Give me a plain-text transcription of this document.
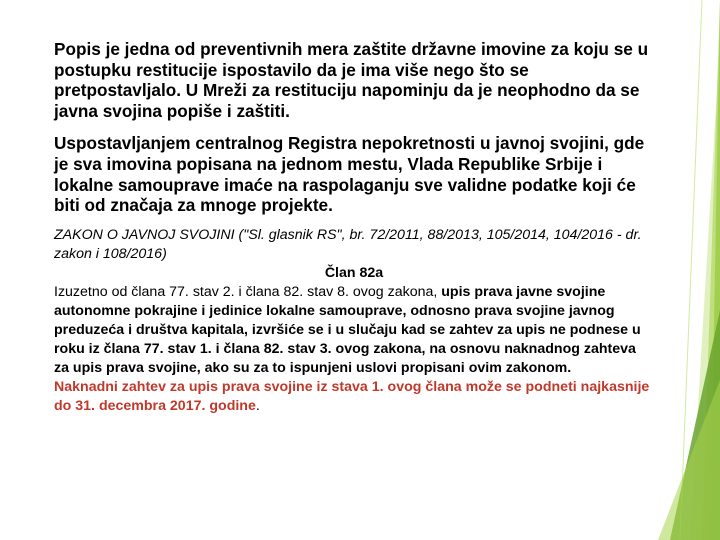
Popis je jedna od preventivnih mera zaštite državne imovine za koju se u postupku restitucije ispostavilo da je ima više nego što se pretpostavljalo. U Mreži za restituciju napominju da je neophodno da se javna svojina popiše i zaštiti.

Uspostavljanjem centralnog Registra nepokretnosti u javnoj svojini, gde je sva imovina popisana na jednom mestu, Vlada Republike Srbije i lokalne samouprave imaće na raspolaganju sve validne podatke koji će biti od značaja za mnoge projekte.

ZAKON O JAVNOJ SVOJINI ("Sl. glasnik RS", br. 72/2011, 88/2013, 105/2014, 104/2016 - dr. zakon i 108/2016)
Član 82a
Izuzetno od člana 77. stav 2. i člana 82. stav 8. ovog zakona, upis prava javne svojine autonomne pokrajine i jedinice lokalne samouprave, odnosno prava svojine javnog preduzeća i društva kapitala, izvršiće se i u slučaju kad se zahtev za upis ne podnese u roku iz člana 77. stav 1. i člana 82. stav 3. ovog zakona, na osnovu naknadnog zahteva za upis prava svojine, ako su za to ispunjeni uslovi propisani ovim zakonom.
Naknadni zahtev za upis prava svojine iz stava 1. ovog člana može se podneti najkasnije do 31. decembra 2017. godine.
